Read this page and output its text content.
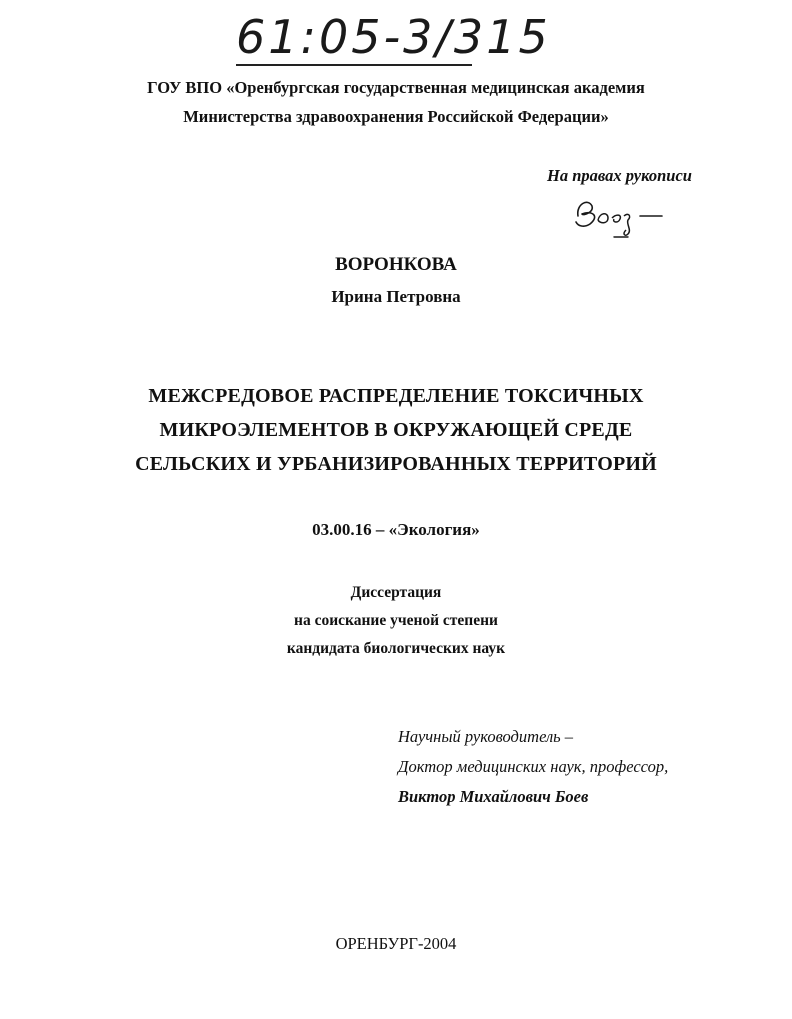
61:05-3/315
ГОУ ВПО «Оренбургская государственная медицинская академия
Министерства здравоохранения Российской Федерации»
На правах рукописи
ВОРОНКОВА
Ирина Петровна
МЕЖСРЕДОВОЕ РАСПРЕДЕЛЕНИЕ ТОКСИЧНЫХ
МИКРОЭЛЕМЕНТОВ В ОКРУЖАЮЩЕЙ СРЕДЕ
СЕЛЬСКИХ И УРБАНИЗИРОВАННЫХ ТЕРРИТОРИЙ
03.00.16 – «Экология»
Диссертация
на соискание ученой степени
кандидата биологических наук
Научный руководитель –
Доктор медицинских наук, профессор,
Виктор Михайлович Боев
ОРЕНБУРГ-2004
